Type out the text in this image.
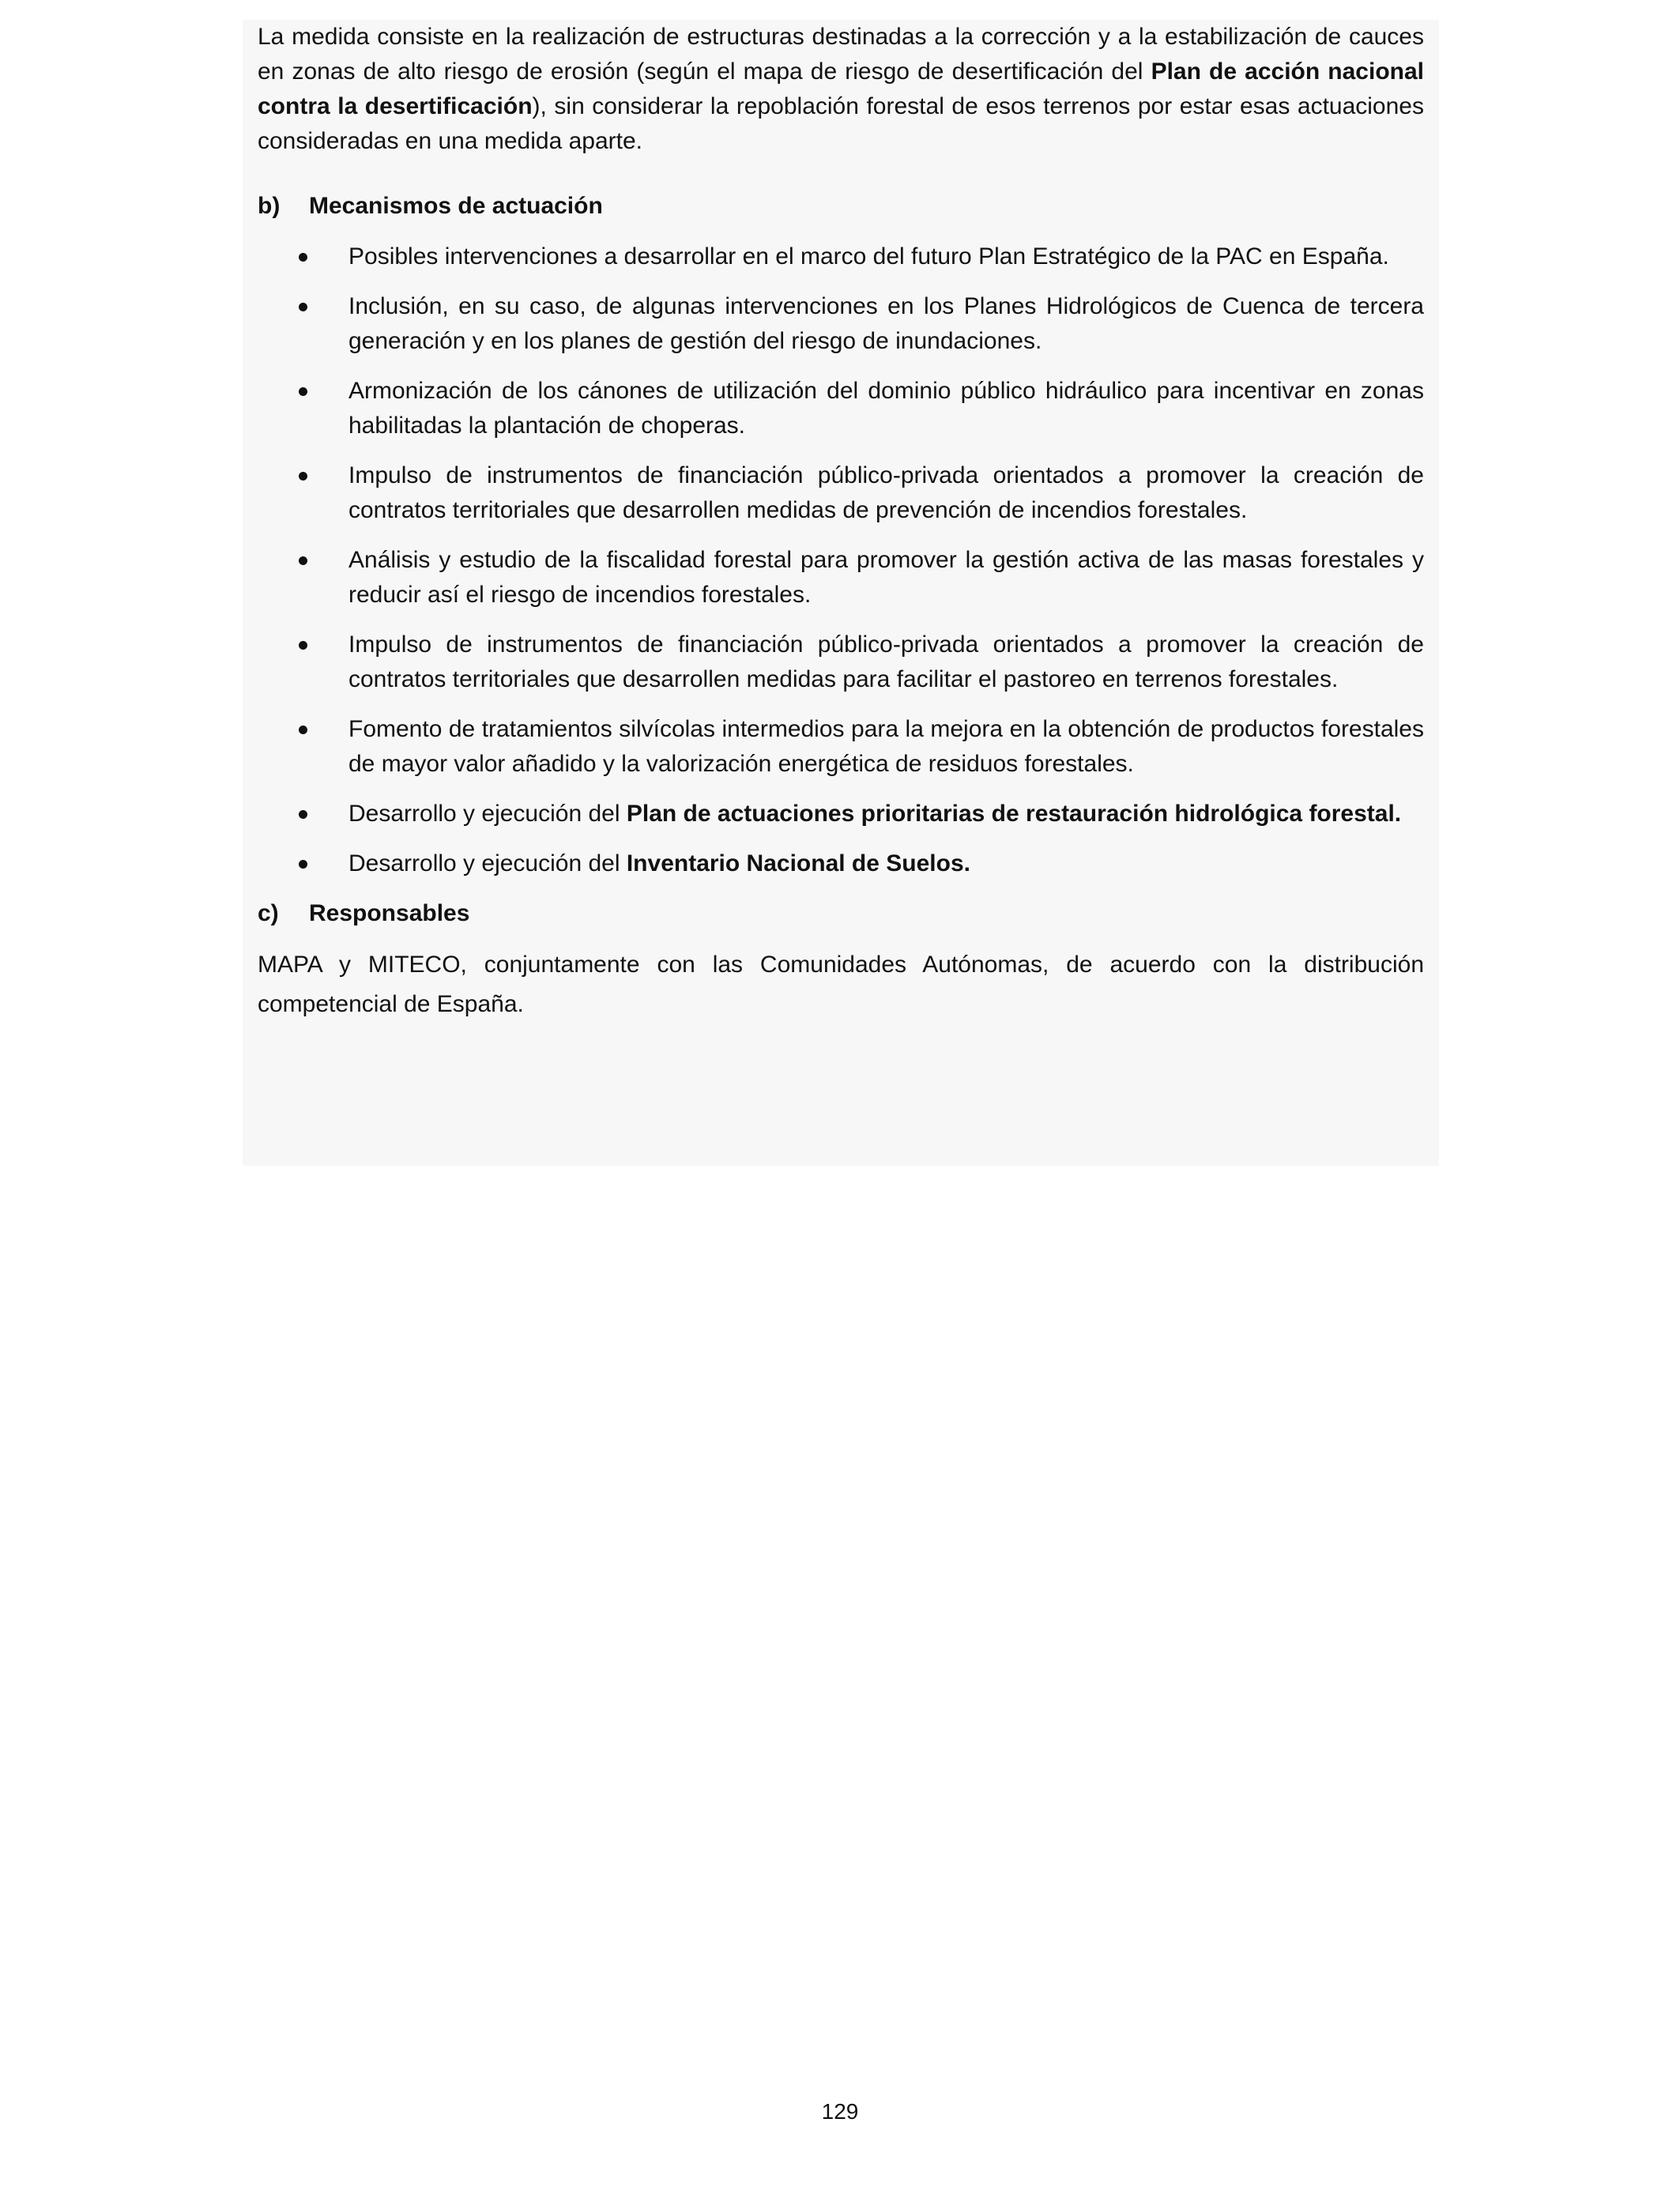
La medida consiste en la realización de estructuras destinadas a la corrección y a la estabilización de cauces en zonas de alto riesgo de erosión (según el mapa de riesgo de desertificación del Plan de acción nacional contra la desertificación), sin considerar la repoblación forestal de esos terrenos por estar esas actuaciones consideradas en una medida aparte.

b)	Mecanismos de actuación
Posibles intervenciones a desarrollar en el marco del futuro Plan Estratégico de la PAC en España.
Inclusión, en su caso, de algunas intervenciones en los Planes Hidrológicos de Cuenca de tercera generación y en los planes de gestión del riesgo de inundaciones.
Armonización de los cánones de utilización del dominio público hidráulico para incentivar en zonas habilitadas la plantación de choperas.
Impulso de instrumentos de financiación público-privada orientados a promover la creación de contratos territoriales que desarrollen medidas de prevención de incendios forestales.
Análisis y estudio de la fiscalidad forestal para promover la gestión activa de las masas forestales y reducir así el riesgo de incendios forestales.
Impulso de instrumentos de financiación público-privada orientados a promover la creación de contratos territoriales que desarrollen medidas para facilitar el pastoreo en terrenos forestales.
Fomento de tratamientos silvícolas intermedios para la mejora en la obtención de productos forestales de mayor valor añadido y la valorización energética de residuos forestales.
Desarrollo y ejecución del Plan de actuaciones prioritarias de restauración hidrológica forestal.
Desarrollo y ejecución del Inventario Nacional de Suelos.
c)	Responsables

MAPA y MITECO, conjuntamente con las Comunidades Autónomas, de acuerdo con la distribución competencial de España.

129
